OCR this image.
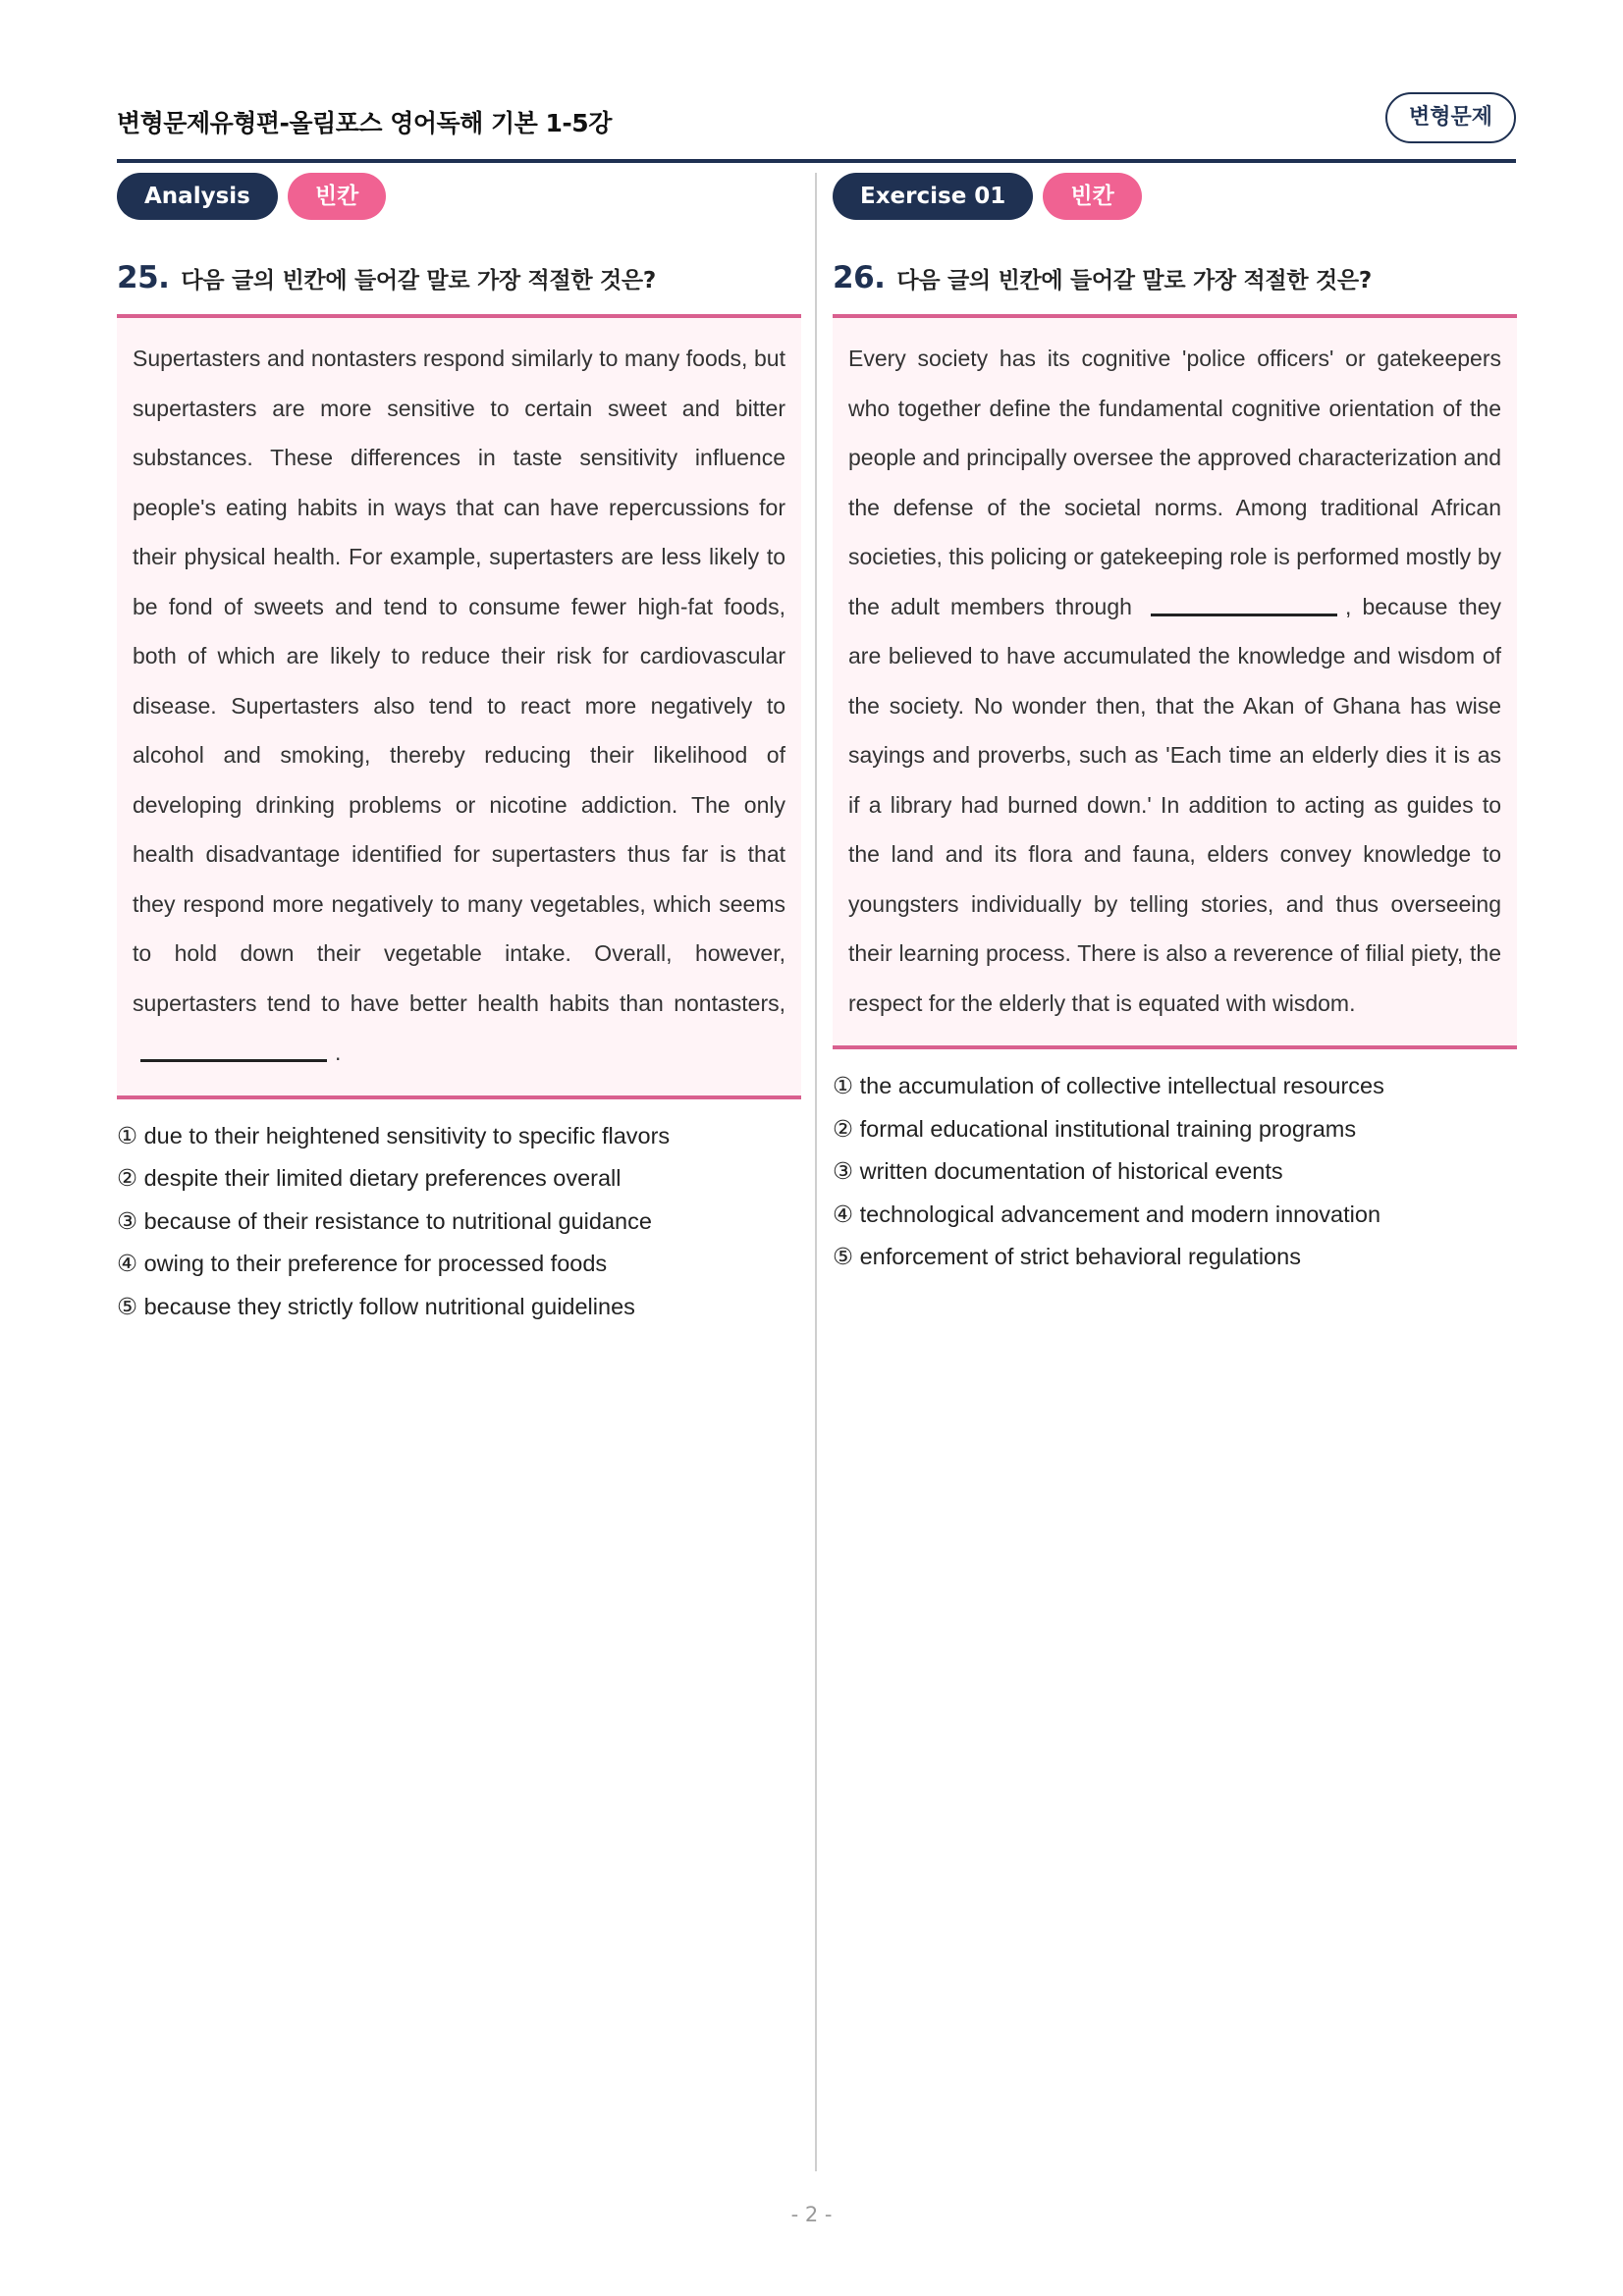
변형문제유형편-올림포스 영어독해 기본 1-5강	변형문제
Analysis	빈칸
25. 다음 글의 빈칸에 들어갈 말로 가장 적절한 것은?

Supertasters and nontasters respond similarly to many foods, but supertasters are more sensitive to certain sweet and bitter substances. These differences in taste sensitivity influence people's eating habits in ways that can have repercussions for their physical health. For example, supertasters are less likely to be fond of sweets and tend to consume fewer high-fat foods, both of which are likely to reduce their risk for cardiovascular disease. Supertasters also tend to react more negatively to alcohol and smoking, thereby reducing their likelihood of developing drinking problems or nicotine addiction. The only health disadvantage identified for supertasters thus far is that they respond more negatively to many vegetables, which seems to hold down their vegetable intake. Overall, however, supertasters tend to have better health habits than nontasters, .

① due to their heightened sensitivity to specific flavors
② despite their limited dietary preferences overall
③ because of their resistance to nutritional guidance
④ owing to their preference for processed foods
⑤ because they strictly follow nutritional guidelines
Exercise 01	빈칸
26. 다음 글의 빈칸에 들어갈 말로 가장 적절한 것은?

Every society has its cognitive 'police officers' or gatekeepers who together define the fundamental cognitive orientation of the people and principally oversee the approved characterization and the defense of the societal norms. Among traditional African societies, this policing or gatekeeping role is performed mostly by the adult members through	, because they are believed to have accumulated the knowledge and wisdom of the society. No wonder then, that the Akan of Ghana has wise sayings and proverbs, such as 'Each time an elderly dies it is as if a library had burned down.' In addition to acting as guides to the land and its flora and fauna, elders convey knowledge to youngsters individually by telling stories, and thus overseeing their learning process. There is also a reverence of filial piety, the respect for the elderly that is equated with wisdom.

① the accumulation of collective intellectual resources
② formal educational institutional training programs
③ written documentation of historical events
④ technological advancement and modern innovation
⑤ enforcement of strict behavioral regulations
- 2 -
